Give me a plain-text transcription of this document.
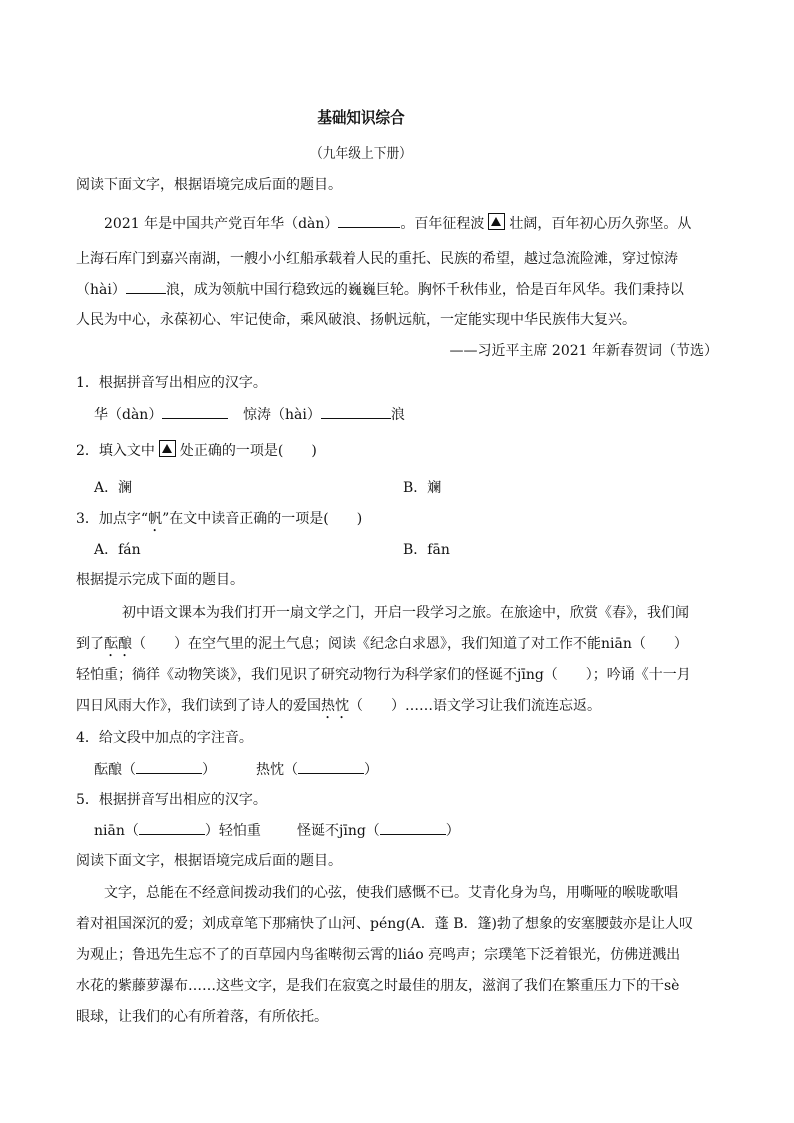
基础知识综合
（九年级上下册）
阅读下面文字，根据语境完成后面的题目。
2021 年是中国共产党百年华（dàn）	。百年征程波 壮阔，百年初心历久弥坚。从
上海石库门到嘉兴南湖，一艘小小红船承载着人民的重托、民族的希望，越过急流险滩，穿过惊涛
（hài）	浪，成为领航中国行稳致远的巍巍巨轮。胸怀千秋伟业，恰是百年风华。我们秉持以
人民为中心，永葆初心、牢记使命，乘风破浪、扬帆远航，一定能实现中华民族伟大复兴。
——习近平主席 2021 年新春贺词（节选）
1．根据拼音写出相应的汉字。
华（dàn）	惊涛（hài）	浪
2．填入文中 处正确的一项是(　　)
A．澜	B．斓
3．加点字“帆”在文中读音正确的一项是(　　)
A．fán	B．fān
根据提示完成下面的题目。
初中语文课本为我们打开一扇文学之门，开启一段学习之旅。在旅途中，欣赏《春》，我们闻
到了酝酿（　　）在空气里的泥土气息；阅读《纪念白求恩》，我们知道了对工作不能niān（　　）
轻怕重；徜徉《动物笑谈》，我们见识了研究动物行为科学家们的怪诞不jīng（　　）；吟诵《十一月
四日风雨大作》，我们读到了诗人的爱国热忱（　　）……语文学习让我们流连忘返。
4．给文段中加点的字注音。
酝酿（	）	热忱（	）
5．根据拼音写出相应的汉字。
niān（	）轻怕重	怪诞不jīng（	）
阅读下面文字，根据语境完成后面的题目。
文字，总能在不经意间拨动我们的心弦，使我们感慨不已。艾青化身为鸟，用嘶哑的喉咙歌唱
着对祖国深沉的爱；刘成章笔下那痛快了山河、péng(A．蓬 B．篷)勃了想象的安塞腰鼓亦是让人叹
为观止；鲁迅先生忘不了的百草园内鸟雀啭彻云霄的liáo 亮鸣声；宗璞笔下泛着银光，仿佛迸溅出
水花的紫藤萝瀑布……这些文字，是我们在寂寞之时最佳的朋友，滋润了我们在繁重压力下的干sè
眼球，让我们的心有所着落，有所依托。
